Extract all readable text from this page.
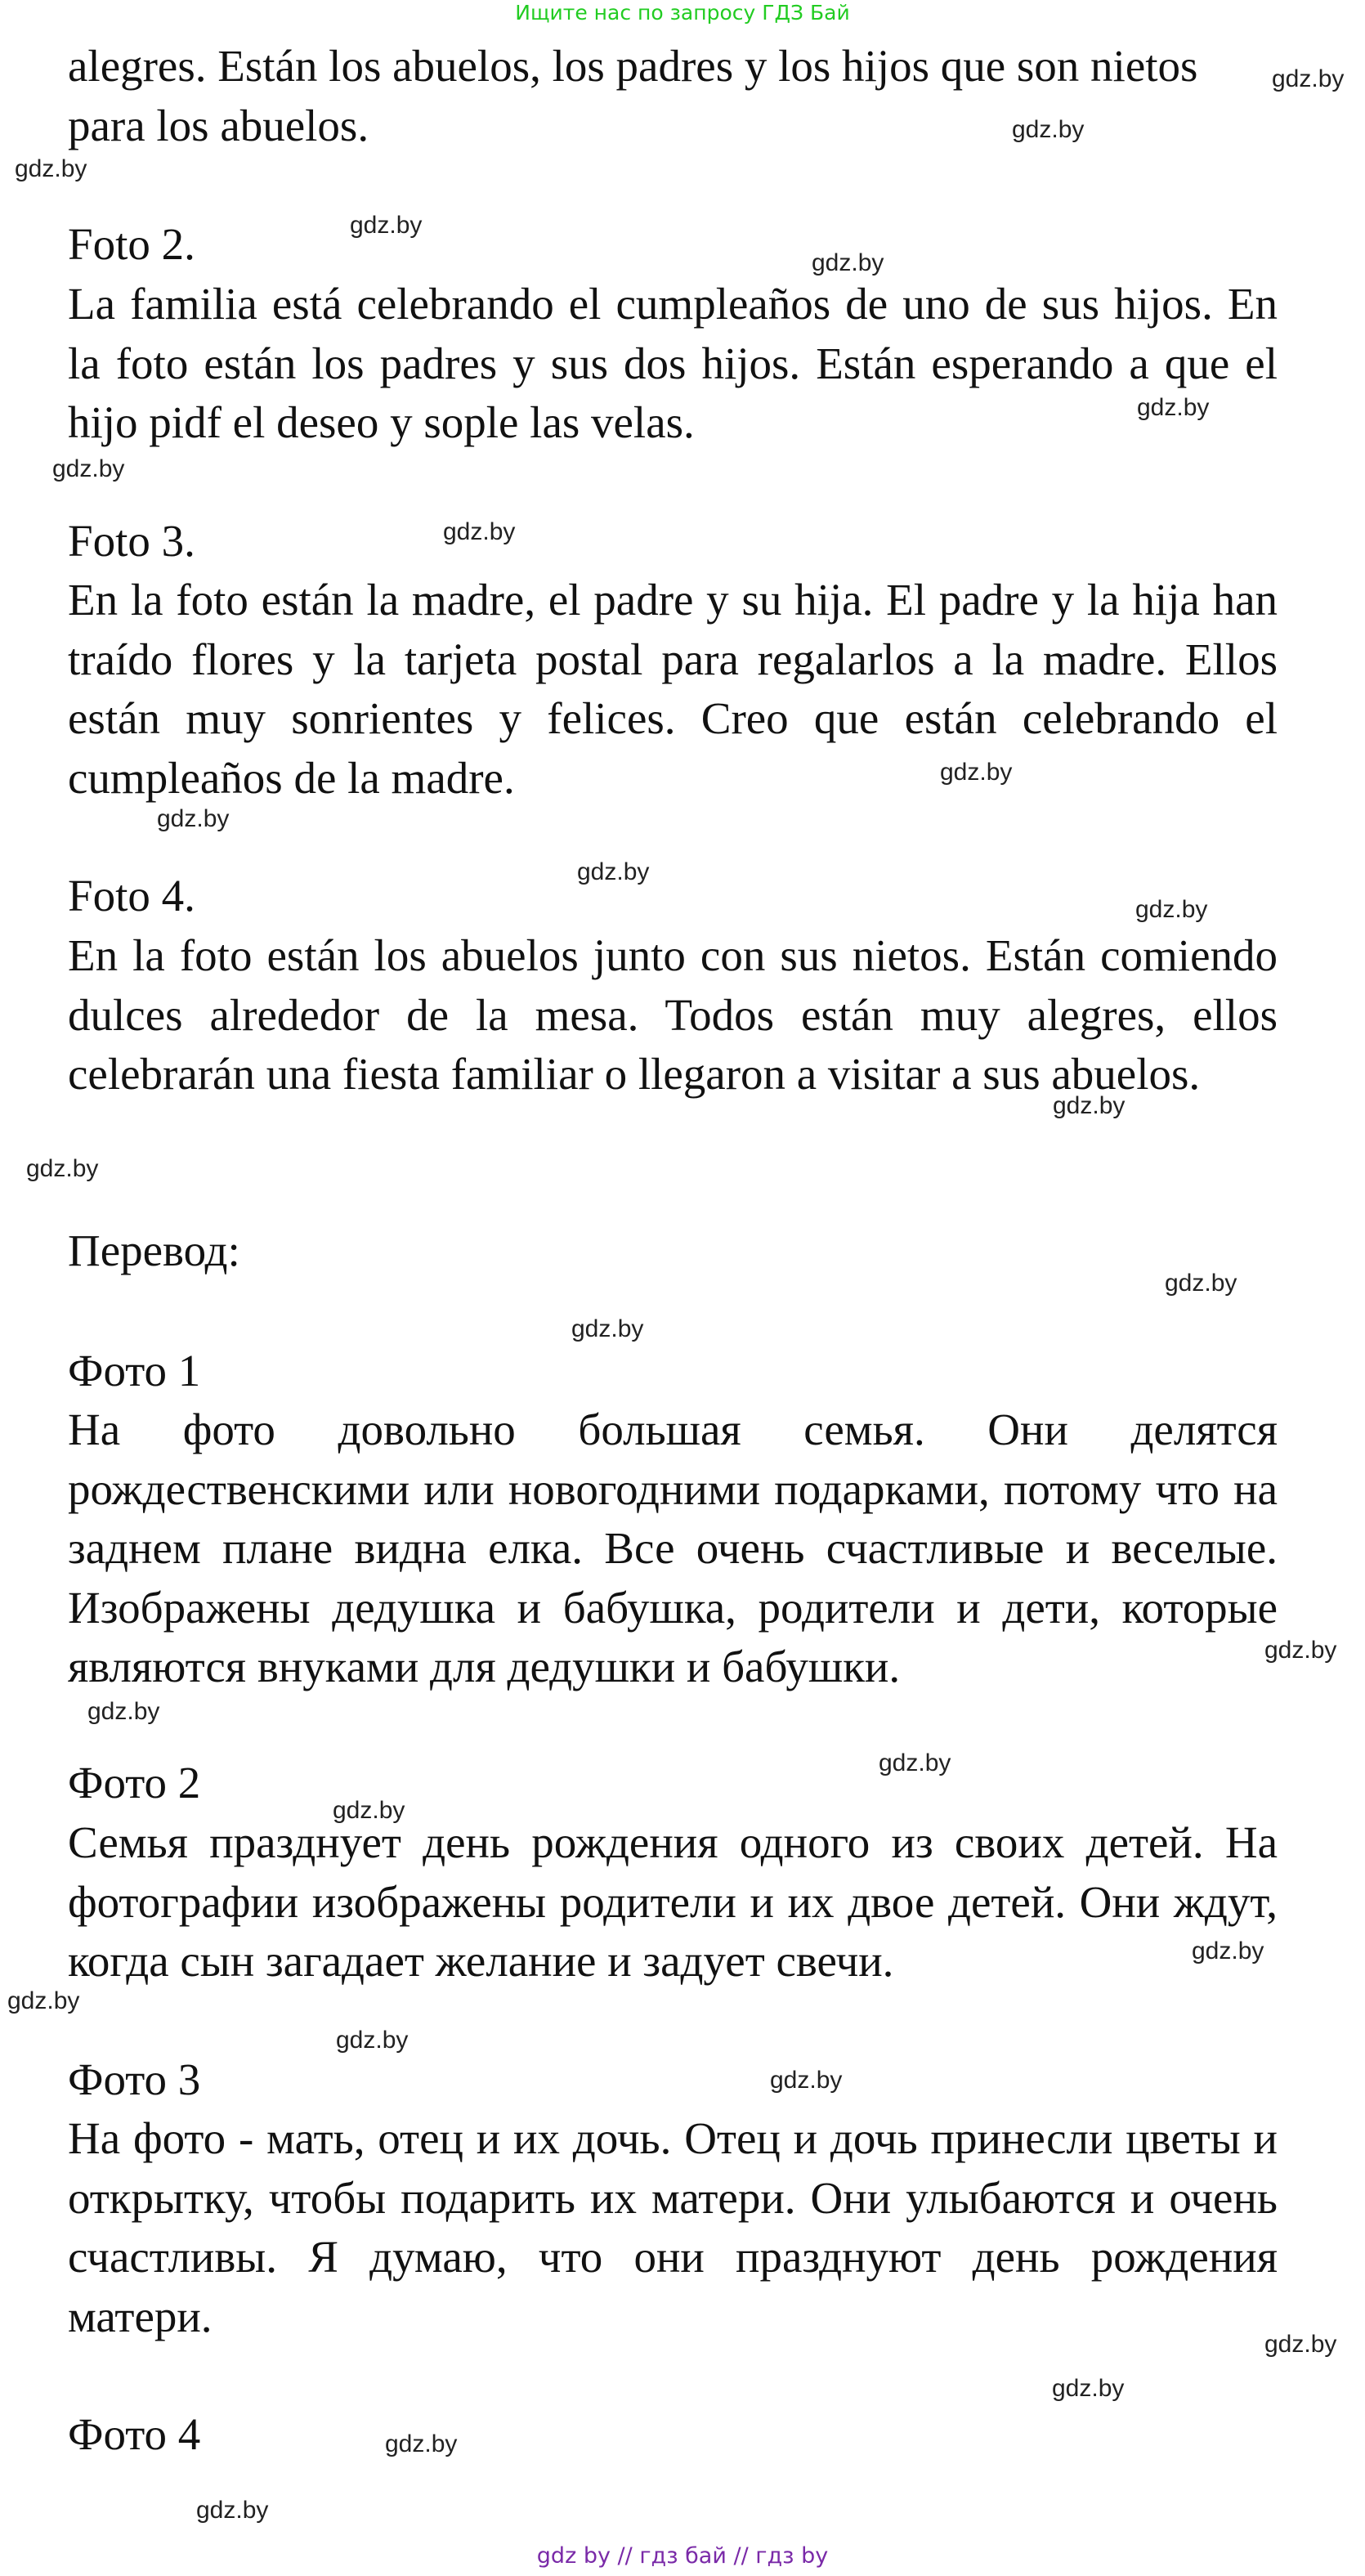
Ищите нас по запросу ГДЗ Бай

alegres. Están los abuelos, los padres y los hijos que son nietos para los abuelos.

Foto 2.

La familia está celebrando el cumpleaños de uno de sus hijos. En la foto están los padres y sus dos hijos. Están esperando a que el hijo pidf el deseo y sople las velas.

Foto 3.

En la foto están la madre, el padre y su hija. El padre y la hija han traído flores y la tarjeta postal para regalarlos a la madre. Ellos están muy sonrientes y felices. Creo que están celebrando el cumpleaños de la madre.

Foto 4.

En la foto están los abuelos junto con sus nietos. Están comiendo dulces alrededor de la mesa. Todos están muy alegres, ellos celebrarán una fiesta familiar o llegaron a visitar a sus abuelos.

Перевод:
Фото 1

На фото довольно большая семья. Они делятся рождественскими или новогодними подарками, потому что на заднем плане видна елка. Все очень счастливые и веселые. Изображены дедушка и бабушка, родители и дети, которые являются внуками для дедушки и бабушки.

Фото 2

Семья празднует день рождения одного из своих детей. На фотографии изображены родители и их двое детей. Они ждут, когда сын загадает желание и задует свечи.

Фото 3

На фото - мать, отец и их дочь. Отец и дочь принесли цветы и открытку, чтобы подарить их матери. Они улыбаются и очень счастливы. Я думаю, что они празднуют день рождения матери.

Фото 4
gdz.by
gdz.by
gdz.by
gdz.by
gdz.by
gdz.by
gdz.by
gdz.by
gdz.by
gdz.by
gdz.by
gdz.by
gdz.by
gdz.by
gdz.by
gdz.by
gdz.by
gdz.by
gdz.by
gdz.by
gdz.by
gdz.by
gdz.by
gdz.by
gdz.by
gdz.by
gdz.by
gdz.by
gdz by // гдз бай // гдз by
